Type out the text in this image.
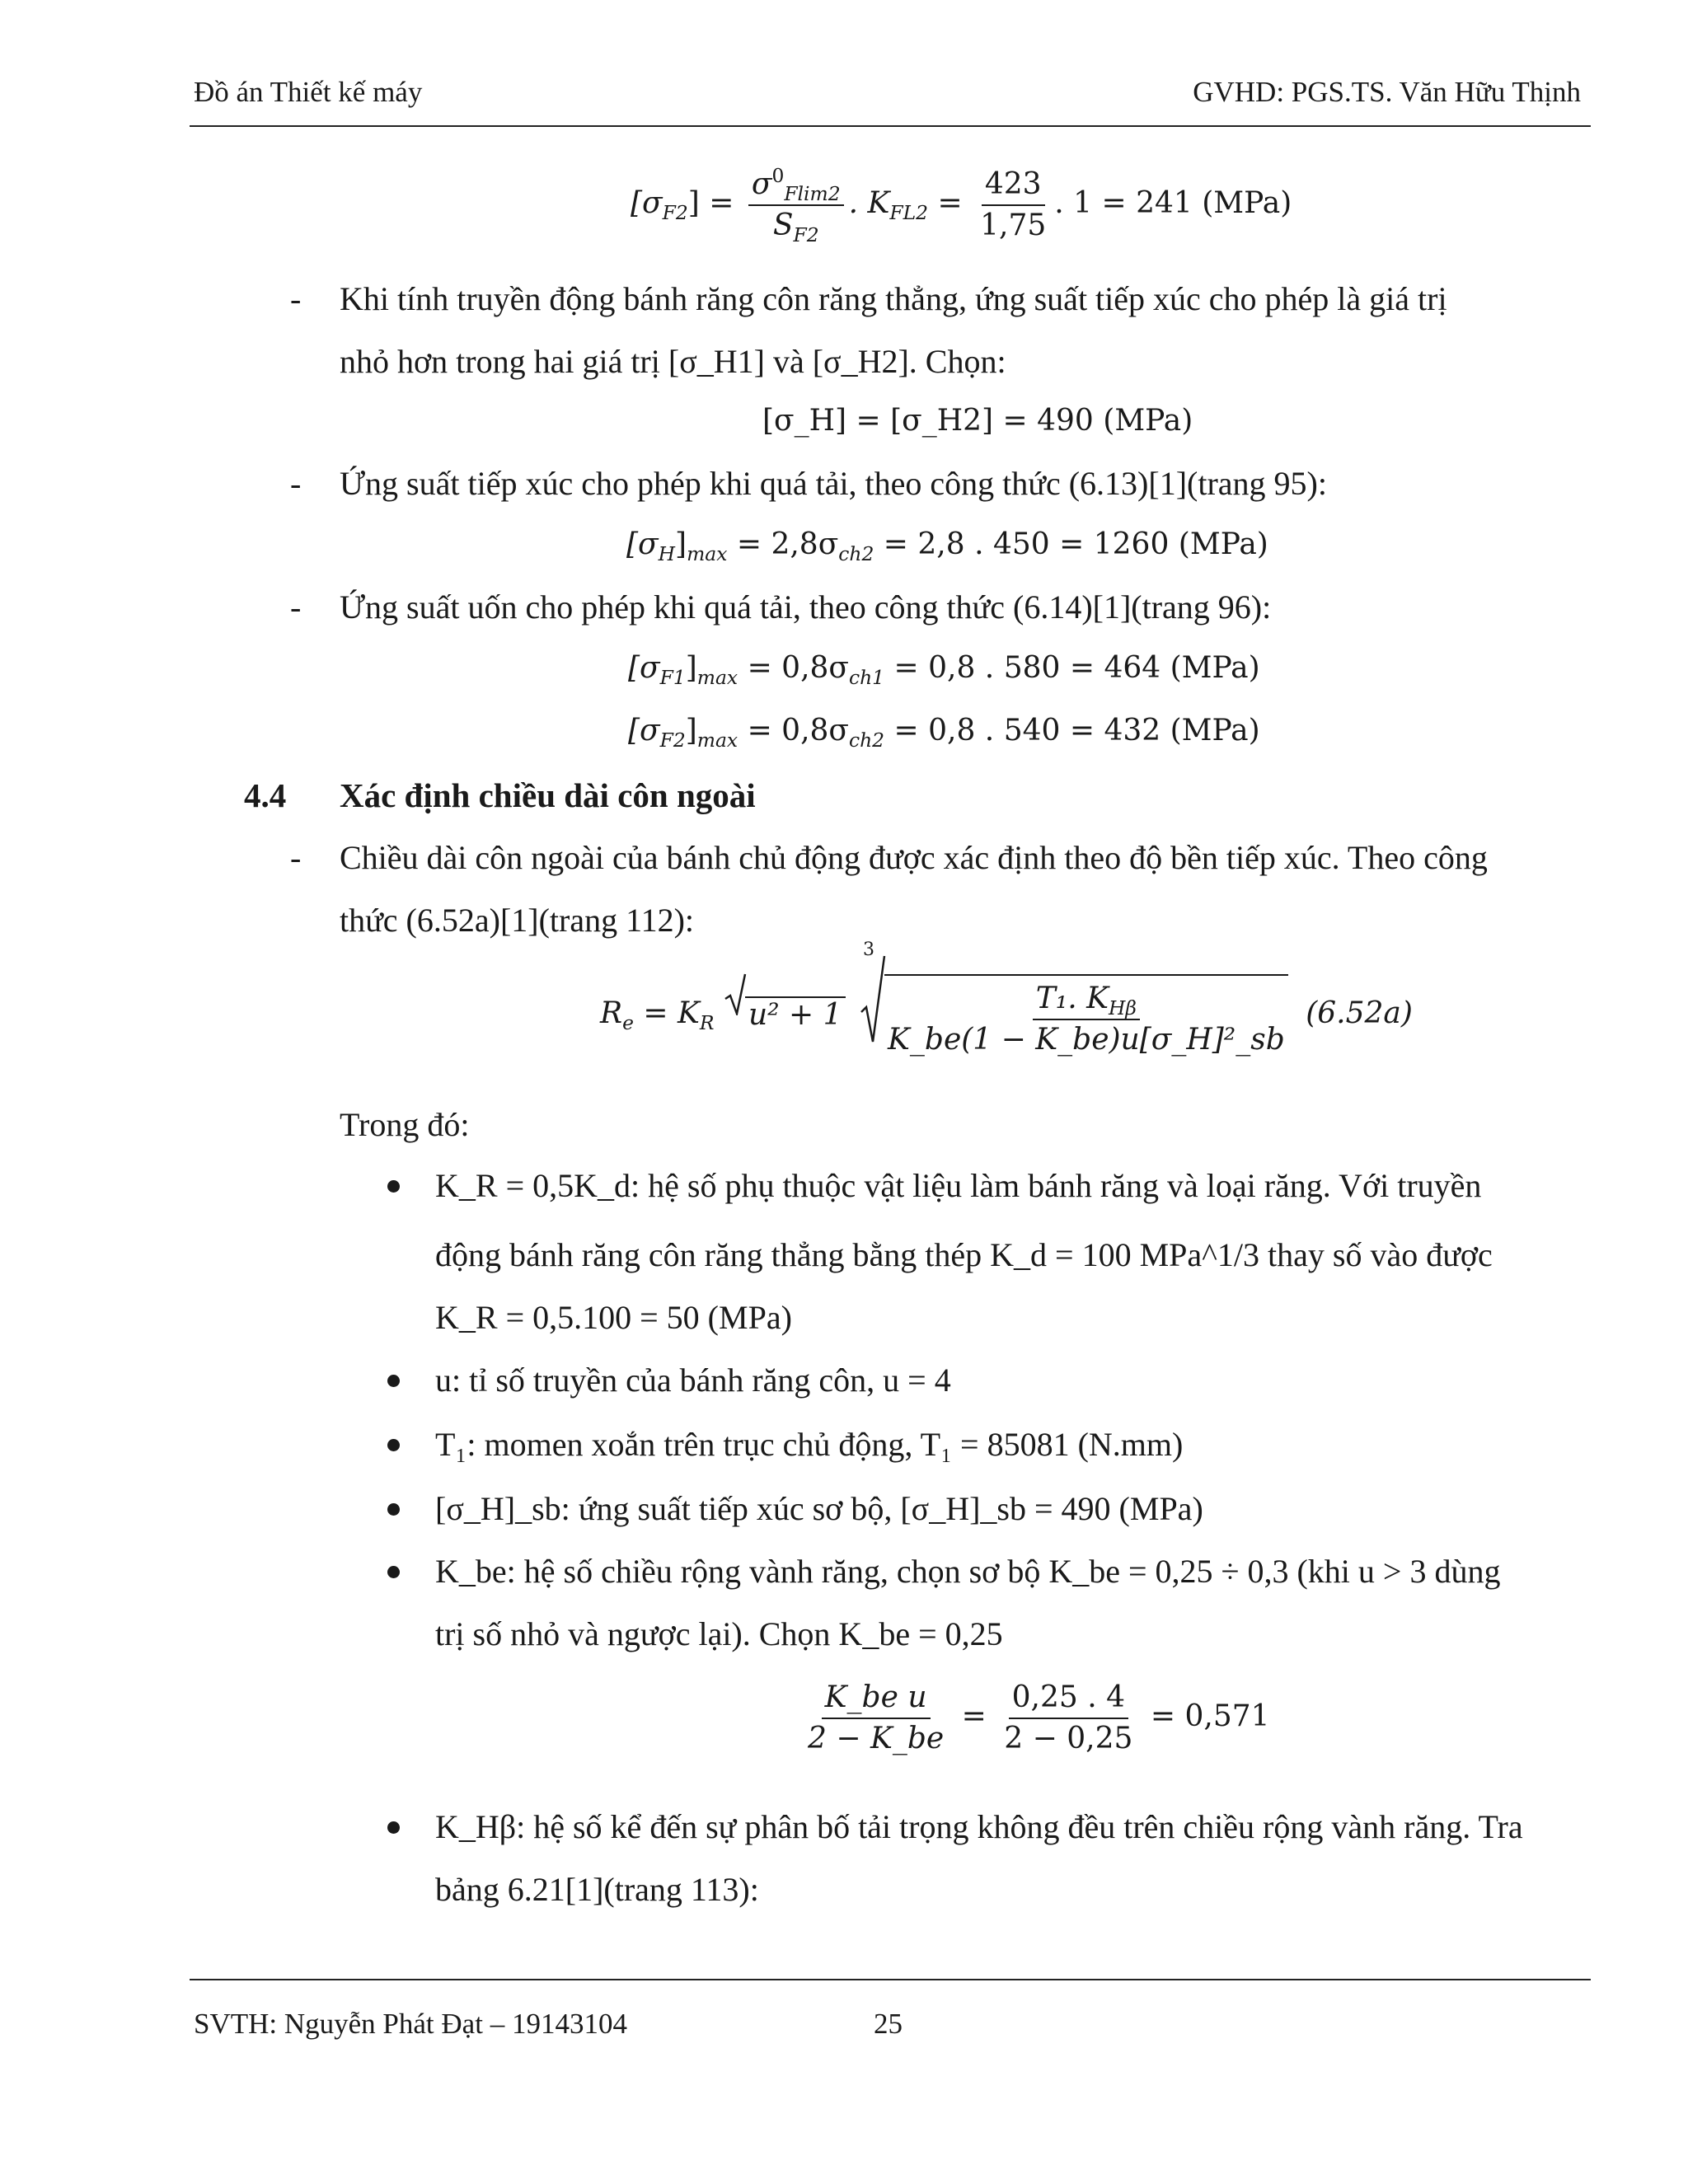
Đồ án Thiết kế máy	GVHD: PGS.TS. Văn Hữu Thịnh
$[\sigma_{F2}] = \frac{\sigma^0_{Flim2}}{S_{F2}}$ . $K_{FL2} = \frac{423}{1,75}$ . 1 = 241 (MPa)
- Khi tính truyền động bánh răng côn răng thẳng, ứng suất tiếp xúc cho phép là giá trị
nhỏ hơn trong hai giá trị [σ_H1] và [σ_H2]. Chọn:
[σ_H] = [σ_H2] = 490 (MPa)
- Ứng suất tiếp xúc cho phép khi quá tải, theo công thức (6.13)[1](trang 95):
$[\sigma_H]_{max} = 2,8\sigma_{ch2} = 2,8$ . 450 = 1260 (MPa)
- Ứng suất uốn cho phép khi quá tải, theo công thức (6.14)[1](trang 96):
$[\sigma_{F1}]_{max} = 0,8\sigma_{ch1} = 0,8$ . 580 = 464 (MPa)
$[\sigma_{F2}]_{max} = 0,8\sigma_{ch2} = 0,8$ . 540 = 432 (MPa)
4.4 Xác định chiều dài côn ngoài
- Chiều dài côn ngoài của bánh chủ động được xác định theo độ bền tiếp xúc. Theo công
thức (6.52a)[1](trang 112):
$R_e = K_R$ u² + 1
3
$\frac{T_1. K_{H\beta}}{\text{K\_be(1 − K\_be)u[σ\_H]²\_sb}} (6.52a)$
Trong đó:
K_R = 0,5K_d: hệ số phụ thuộc vật liệu làm bánh răng và loại răng. Với truyền
động bánh răng côn răng thẳng bằng thép K_d = 100 MPa^1/3 thay số vào được
K_R = 0,5.100 = 50 (MPa)
u: tỉ số truyền của bánh răng côn, u = 4
T₁: momen xoắn trên trục chủ động, T₁ = 85081 (N.mm)
[σ_H]_sb: ứng suất tiếp xúc sơ bộ, [σ_H]_sb = 490 (MPa)
K_be: hệ số chiều rộng vành răng, chọn sơ bộ K_be = 0,25 ÷ 0,3 (khi u > 3 dùng
trị số nhỏ và ngược lại). Chọn K_be = 0,25
$\frac{\text{K\_be u}}{2 - K\_be} = \frac{0,25 . 4}{2 - 0,25} = 0,571$
K_Hβ: hệ số kể đến sự phân bố tải trọng không đều trên chiều rộng vành răng. Tra
bảng 6.21[1](trang 113):
SVTH: Nguyễn Phát Đạt – 19143104	25
